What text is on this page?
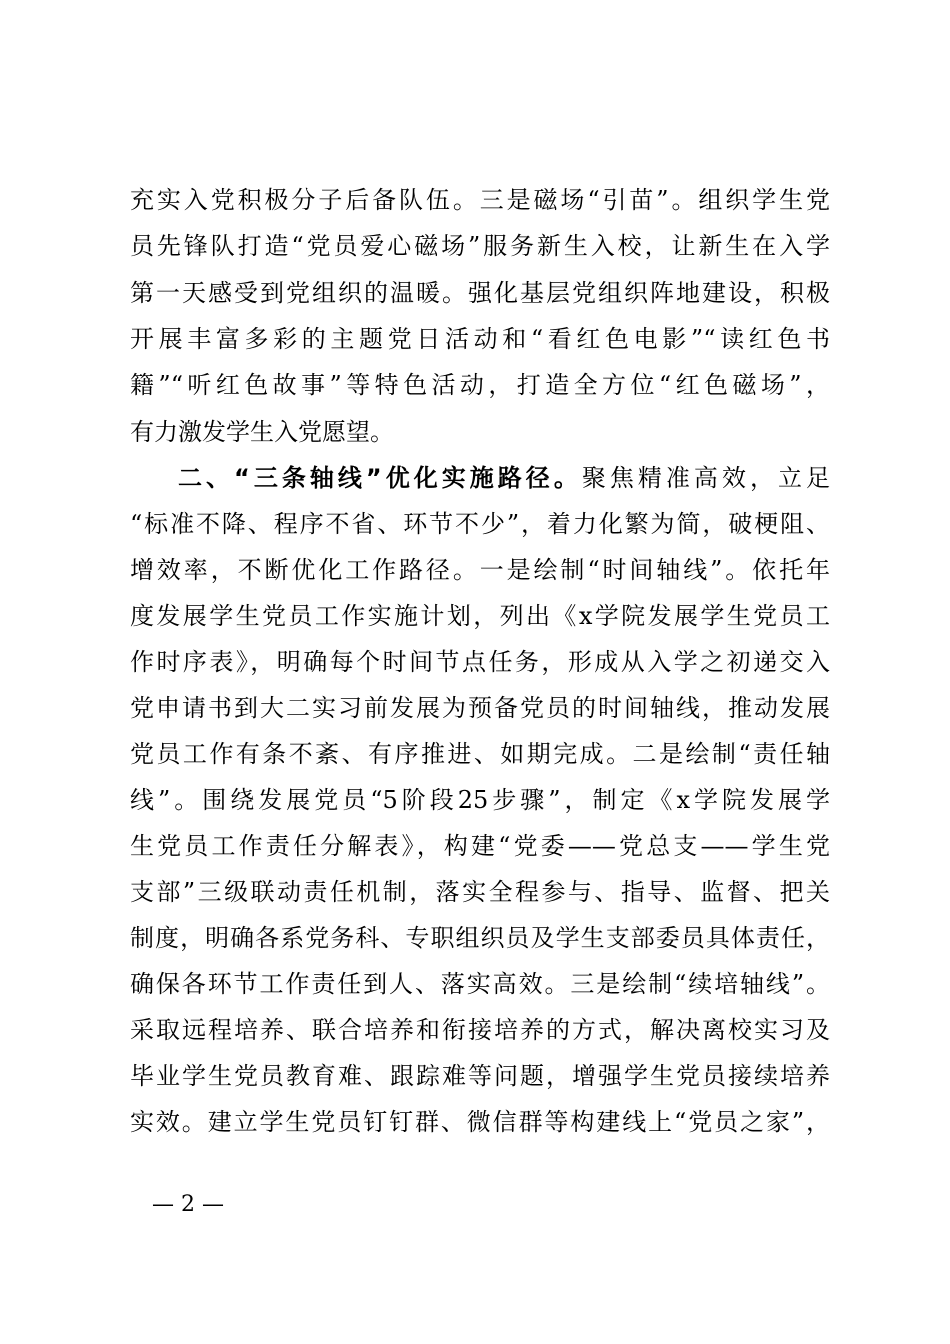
充实入党积极分子后备队伍。三是磁场“引苗”。组织学生党
员先锋队打造“党员爱心磁场”服务新生入校，让新生在入学
第一天感受到党组织的温暖。强化基层党组织阵地建设，积极
开展丰富多彩的主题党日活动和“看红色电影”“读红色书
籍”“听红色故事”等特色活动，打造全方位“红色磁场”，
有力激发学生入党愿望。
二、“三条轴线”优化实施路径。聚焦精准高效，立足
“标准不降、程序不省、环节不少”，着力化繁为简，破梗阻、
增效率，不断优化工作路径。一是绘制“时间轴线”。依托年
度发展学生党员工作实施计划，列出《x学院发展学生党员工
作时序表》，明确每个时间节点任务，形成从入学之初递交入
党申请书到大二实习前发展为预备党员的时间轴线，推动发展
党员工作有条不紊、有序推进、如期完成。二是绘制“责任轴
线”。围绕发展党员“5阶段25步骤”，制定《x学院发展学
生党员工作责任分解表》，构建“党委——党总支——学生党
支部”三级联动责任机制，落实全程参与、指导、监督、把关
制度，明确各系党务科、专职组织员及学生支部委员具体责任，
确保各环节工作责任到人、落实高效。三是绘制“续培轴线”。
采取远程培养、联合培养和衔接培养的方式，解决离校实习及
毕业学生党员教育难、跟踪难等问题，增强学生党员接续培养
实效。建立学生党员钉钉群、微信群等构建线上“党员之家”，
— 2 —
